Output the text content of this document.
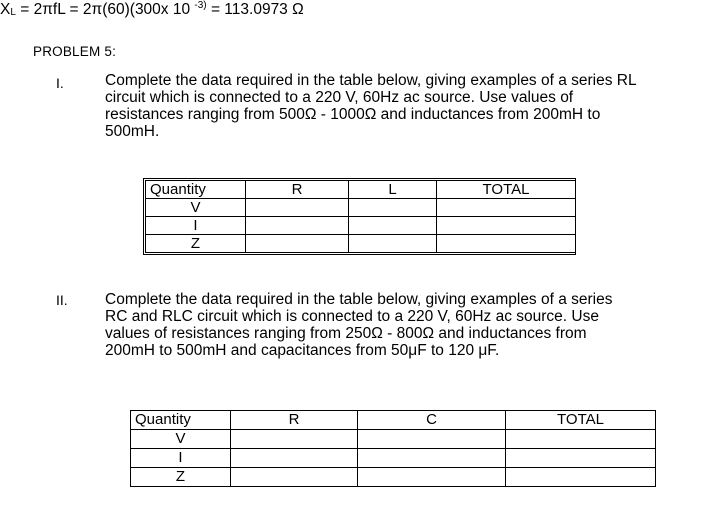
PROBLEM 5:
I.	Complete the data required in the table below, giving examples of a series RL
circuit which is connected to a 220 V, 60Hz ac source. Use values of
resistances ranging from 500Ω - 1000Ω and inductances from 200mH to
500mH.
$X_L = 2\pi fL = 2\pi(60)(300x$ 10 $^{-3)}$ = 113.0973 Ω
Quantity	R	L	TOTAL
V			
I			
Z			
II. Complete the data required in the table below, giving examples of a series
RC and RLC circuit which is connected to a 220 V, 60Hz ac source. Use
values of resistances ranging from 250Ω - 800Ω and inductances from
200mH to 500mH and capacitances from 50μF to 120 μF.
Quantity	R	C	TOTAL
V			
I			
Z			
